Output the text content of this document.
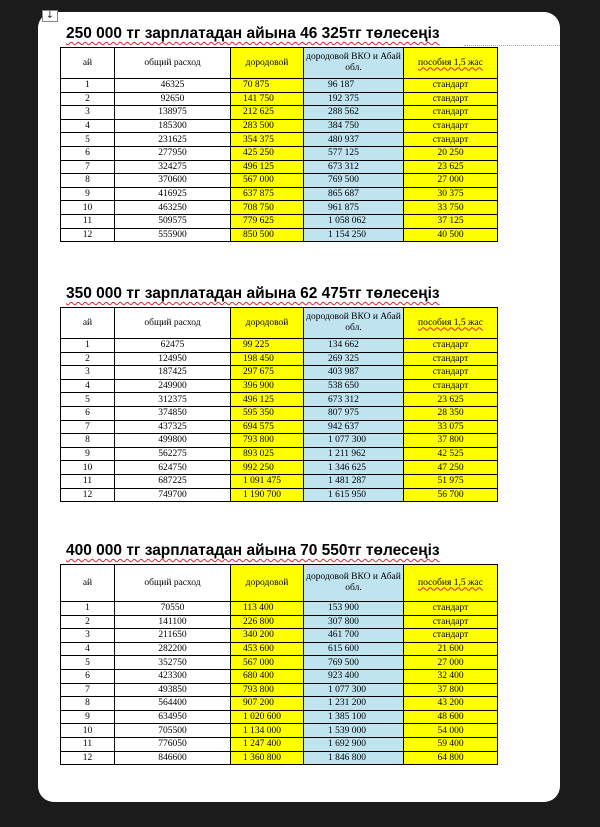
↓
250 000 тг зарплатадан айына 46 325тг төлесеңіз
ай	общий расход	дородовой	дородовой ВКО и Абай обл.	пособия 1,5 жас
1	46325	70 875	96 187	стандарт
2	92650	141 750	192 375	стандарт
3	138975	212 625	288 562	стандарт
4	185300	283 500	384 750	стандарт
5	231625	354 375	480 937	стандарт
6	277950	425 250	577 125	20 250
7	324275	496 125	673 312	23 625
8	370600	567 000	769 500	27 000
9	416925	637 875	865 687	30 375
10	463250	708 750	961 875	33 750
11	509575	779 625	1 058 062	37 125
12	555900	850 500	1 154 250	40 500
350 000 тг зарплатадан айына 62 475тг төлесеңіз
ай	общий расход	дородовой	дородовой ВКО и Абай обл.	пособия 1,5 жас
1	62475	99 225	134 662	стандарт
2	124950	198 450	269 325	стандарт
3	187425	297 675	403 987	стандарт
4	249900	396 900	538 650	стандарт
5	312375	496 125	673 312	23 625
6	374850	595 350	807 975	28 350
7	437325	694 575	942 637	33 075
8	499800	793 800	1 077 300	37 800
9	562275	893 025	1 211 962	42 525
10	624750	992 250	1 346 625	47 250
11	687225	1 091 475	1 481 287	51 975
12	749700	1 190 700	1 615 950	56 700
400 000 тг зарплатадан айына 70 550тг төлесеңіз
ай	общий расход	дородовой	дородовой ВКО и Абай обл.	пособия 1,5 жас
1	70550	113 400	153 900	стандарт
2	141100	226 800	307 800	стандарт
3	211650	340 200	461 700	стандарт
4	282200	453 600	615 600	21 600
5	352750	567 000	769 500	27 000
6	423300	680 400	923 400	32 400
7	493850	793 800	1 077 300	37 800
8	564400	907 200	1 231 200	43 200
9	634950	1 020 600	1 385 100	48 600
10	705500	1 134 000	1 539 000	54 000
11	776050	1 247 400	1 692 900	59 400
12	846600	1 360 800	1 846 800	64 800
